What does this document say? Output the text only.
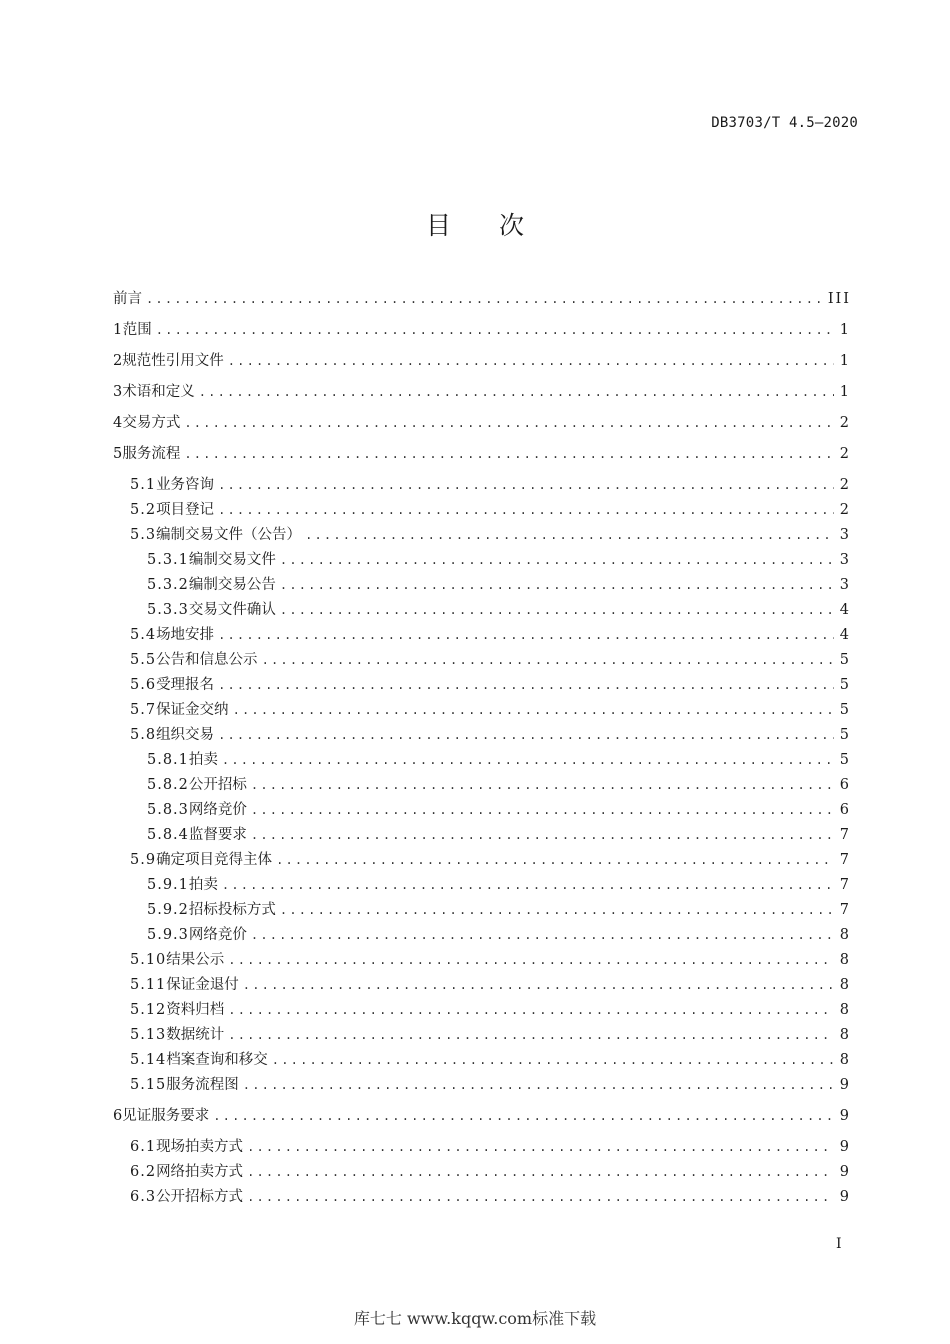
DB3703/T 4.5—2020
目 次
前言 .....	III
1 范围 .....	1
2 规范性引用文件 .....	1
3 术语和定义 .....	1
4 交易方式 .....	2
5 服务流程 .....	2
5.1 业务咨询 .....	2
5.2 项目登记 .....	2
5.3 编制交易文件（公告） .....	3
5.3.1 编制交易文件 .....	3
5.3.2 编制交易公告 .....	3
5.3.3 交易文件确认 .....	4
5.4 场地安排 .....	4
5.5 公告和信息公示 .....	5
5.6 受理报名 .....	5
5.7 保证金交纳 .....	5
5.8 组织交易 .....	5
5.8.1 拍卖 .....	5
5.8.2 公开招标 .....	6
5.8.3 网络竞价 .....	6
5.8.4 监督要求 .....	7
5.9 确定项目竞得主体 .....	7
5.9.1 拍卖 .....	7
5.9.2 招标投标方式 .....	7
5.9.3 网络竞价 .....	8
5.10 结果公示 .....	8
5.11 保证金退付 .....	8
5.12 资料归档 .....	8
5.13 数据统计 .....	8
5.14 档案查询和移交 .....	8
5.15 服务流程图 .....	9
6 见证服务要求 .....	9
6.1 现场拍卖方式 .....	9
6.2 网络拍卖方式 .....	9
6.3 公开招标方式 .....	9
I
库七七 www.kqqw.com标准下载
